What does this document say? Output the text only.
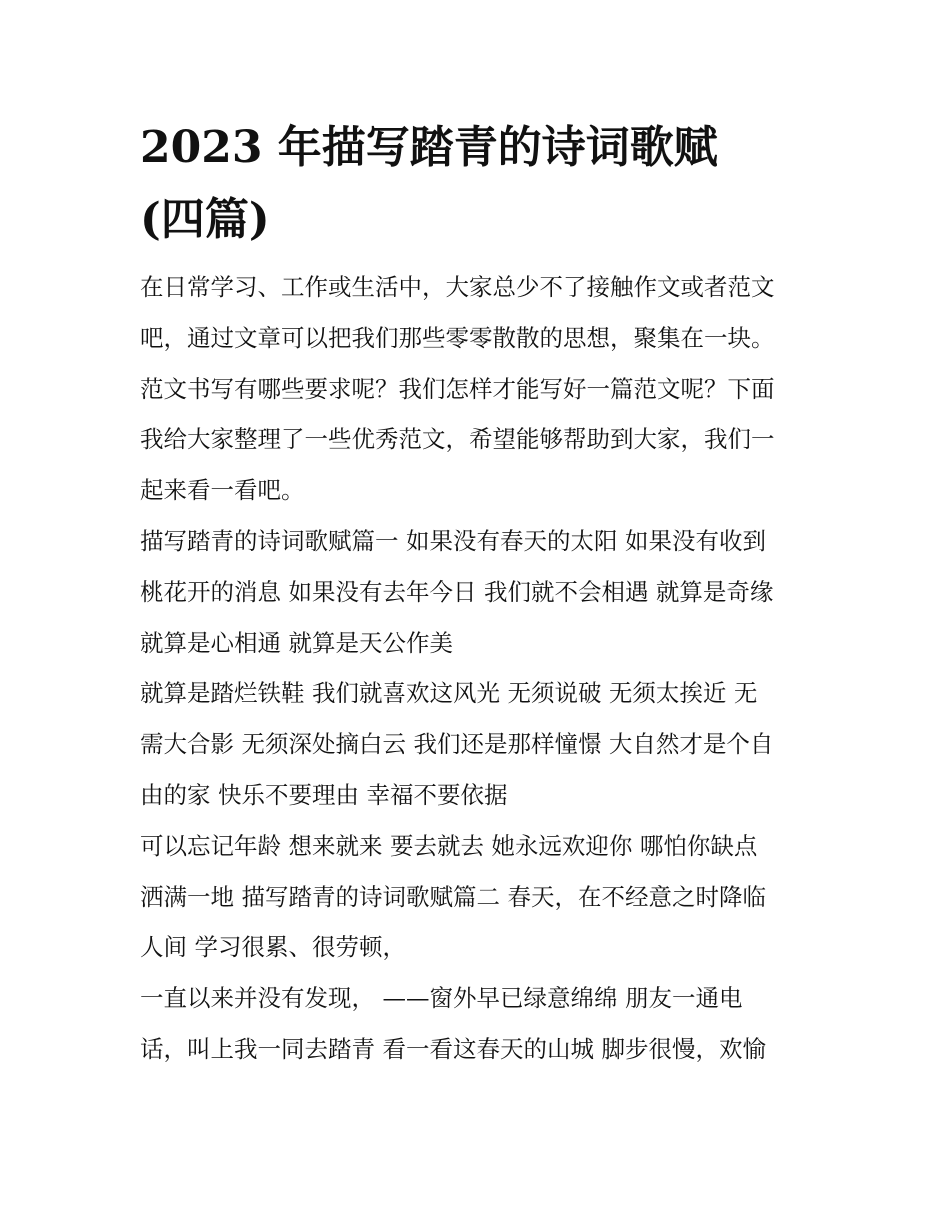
2023 年描写踏青的诗词歌赋
(四篇)
在日常学习、工作或生活中，大家总少不了接触作文或者范文
吧，通过文章可以把我们那些零零散散的思想，聚集在一块。
范文书写有哪些要求呢？我们怎样才能写好一篇范文呢？下面
我给大家整理了一些优秀范文，希望能够帮助到大家，我们一
起来看一看吧。
描写踏青的诗词歌赋篇一 如果没有春天的太阳 如果没有收到
桃花开的消息 如果没有去年今日 我们就不会相遇 就算是奇缘
就算是心相通 就算是天公作美
就算是踏烂铁鞋 我们就喜欢这风光 无须说破 无须太挨近 无
需大合影 无须深处摘白云 我们还是那样憧憬 大自然才是个自
由的家 快乐不要理由 幸福不要依据
可以忘记年龄 想来就来 要去就去 她永远欢迎你 哪怕你缺点
洒满一地 描写踏青的诗词歌赋篇二 春天，在不经意之时降临
人间 学习很累、很劳顿，
一直以来并没有发现， ——窗外早已绿意绵绵 朋友一通电
话，叫上我一同去踏青 看一看这春天的山城 脚步很慢，欢愉
